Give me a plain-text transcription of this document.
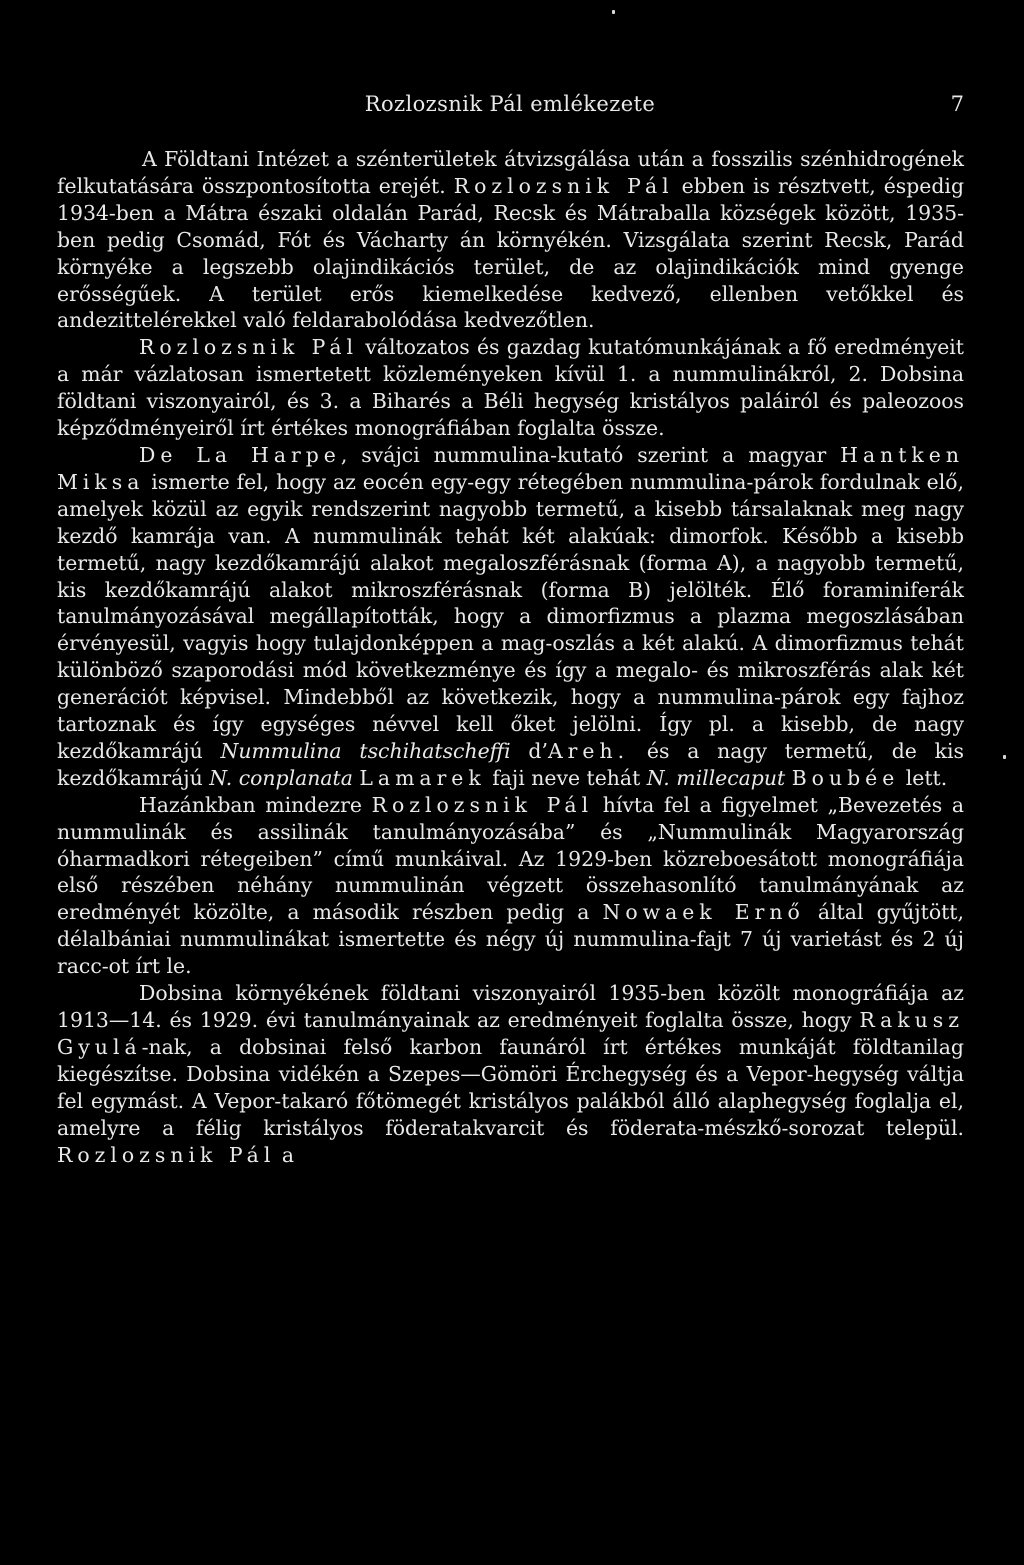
Rozlozsnik Pál emlékezete	7

A Földtani Intézet a szénterületek átvizsgálása után a fosszilis szénhidrogének felkutatására összpontosította erejét. Rozlozsnik Pál ebben is résztvett, éspedig 1934-ben a Mátra északi oldalán Parád, Recsk és Mátraballa községek között, 1935-ben pedig Csomád, Fót és Vácharty án környékén. Vizsgálata szerint Recsk, Parád környéke a legszebb olajindikációs terület, de az olajindikációk mind gyenge erősségűek. A terület erős kiemelkedése kedvező, ellenben vetőkkel és andezittelérekkel való feldarabolódása kedvezőtlen.

Rozlozsnik Pál változatos és gazdag kutatómunkájának a fő eredményeit a már vázlatosan ismertetett közleményeken kívül 1. a nummulinákról, 2. Dobsina földtani viszonyairól, és 3. a Biharés a Béli hegység kristályos paláiról és paleozoos képződményeiről írt értékes monográfiában foglalta össze.

De La Harpe, svájci nummulina-kutató szerint a magyar Hantken Miksa ismerte fel, hogy az eocén egy-egy rétegében nummulina-párok fordulnak elő, amelyek közül az egyik rendszerint nagyobb termetű, a kisebb társalaknak meg nagy kezdő kamrája van. A nummulinák tehát két alakúak: dimorfok. Később a kisebb termetű, nagy kezdőkamrájú alakot megaloszférásnak (forma A), a nagyobb termetű, kis kezdőkamrájú alakot mikroszférásnak (forma B) jelölték. Élő foraminiferák tanulmányozásával megállapították, hogy a dimorfizmus a plazma megoszlásában érvényesül, vagyis hogy tulajdonképpen a mag-oszlás a két alakú. A dimorfizmus tehát különböző szaporodási mód következménye és így a megalo- és mikroszférás alak két generációt képvisel. Mindebből az következik, hogy a nummulina-párok egy fajhoz tartoznak és így egységes névvel kell őket jelölni. Így pl. a kisebb, de nagy kezdőkamrájú Nummulina tschihatscheffi d’Areh. és a nagy termetű, de kis kezdőkamrájú N. conplanata Lamarek faji neve tehát N. millecaput Boubée lett.

Hazánkban mindezre Rozlozsnik Pál hívta fel a figyelmet „Bevezetés a nummulinák és assilinák tanulmányozásába” és „Nummulinák Magyarország óharmadkori rétegeiben” című munkáival. Az 1929-ben közreboesátott monográfiája első részében néhány nummulinán végzett összehasonlító tanulmányának az eredményét közölte, a második részben pedig a Nowaek Ernő által gyűjtött, délalbániai nummulinákat ismertette és négy új nummulina-fajt 7 új varietást és 2 új racc-ot írt le.

Dobsina környékének földtani viszonyairól 1935-ben közölt monográfiája az 1913—14. és 1929. évi tanulmányainak az eredményeit foglalta össze, hogy Rakusz Gyulá-nak, a dobsinai felső karbon faunáról írt értékes munkáját földtanilag kiegészítse. Dobsina vidékén a Szepes—Gömöri Érchegység és a Vepor-hegység váltja fel egymást. A Vepor-takaró főtömegét kristályos palákból álló alaphegység foglalja el, amelyre a félig kristályos föderatakvarcit és föderata-mészkő-sorozat települ. Rozlozsnik Pál a
